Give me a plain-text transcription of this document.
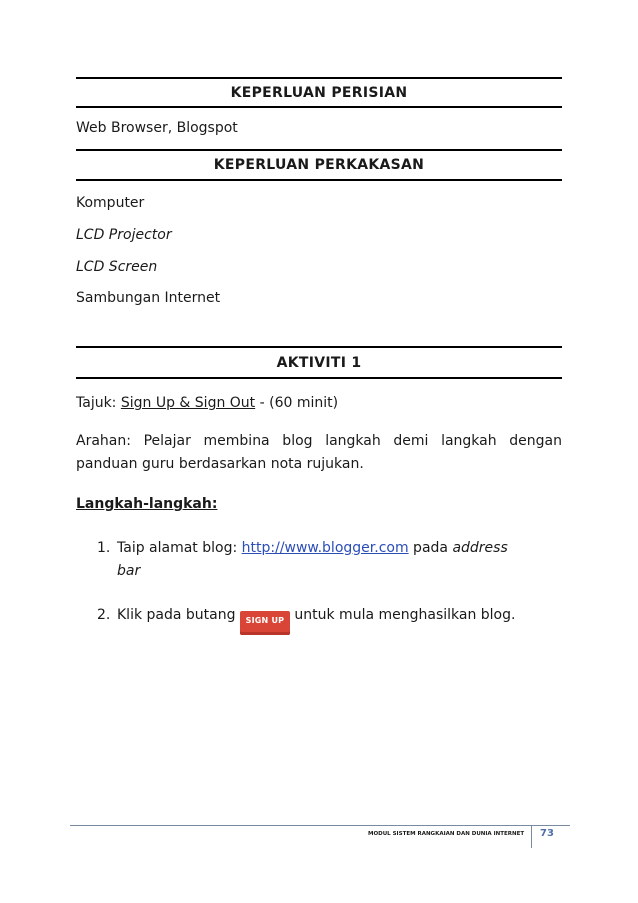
KEPERLUAN PERISIAN
Web Browser, Blogspot
KEPERLUAN PERKAKASAN
Komputer
LCD Projector
LCD Screen
Sambungan Internet
AKTIVITI 1
Tajuk: Sign Up & Sign Out - (60 minit)
Arahan: Pelajar membina blog langkah demi langkah dengan panduan guru berdasarkan nota rujukan.
Langkah-langkah:
1. Taip alamat blog: http://www.blogger.com pada address
bar
2. Klik pada butang SIGN UP untuk mula menghasilkan blog.
MODUL SISTEM RANGKAIAN DAN DUNIA INTERNET 73
